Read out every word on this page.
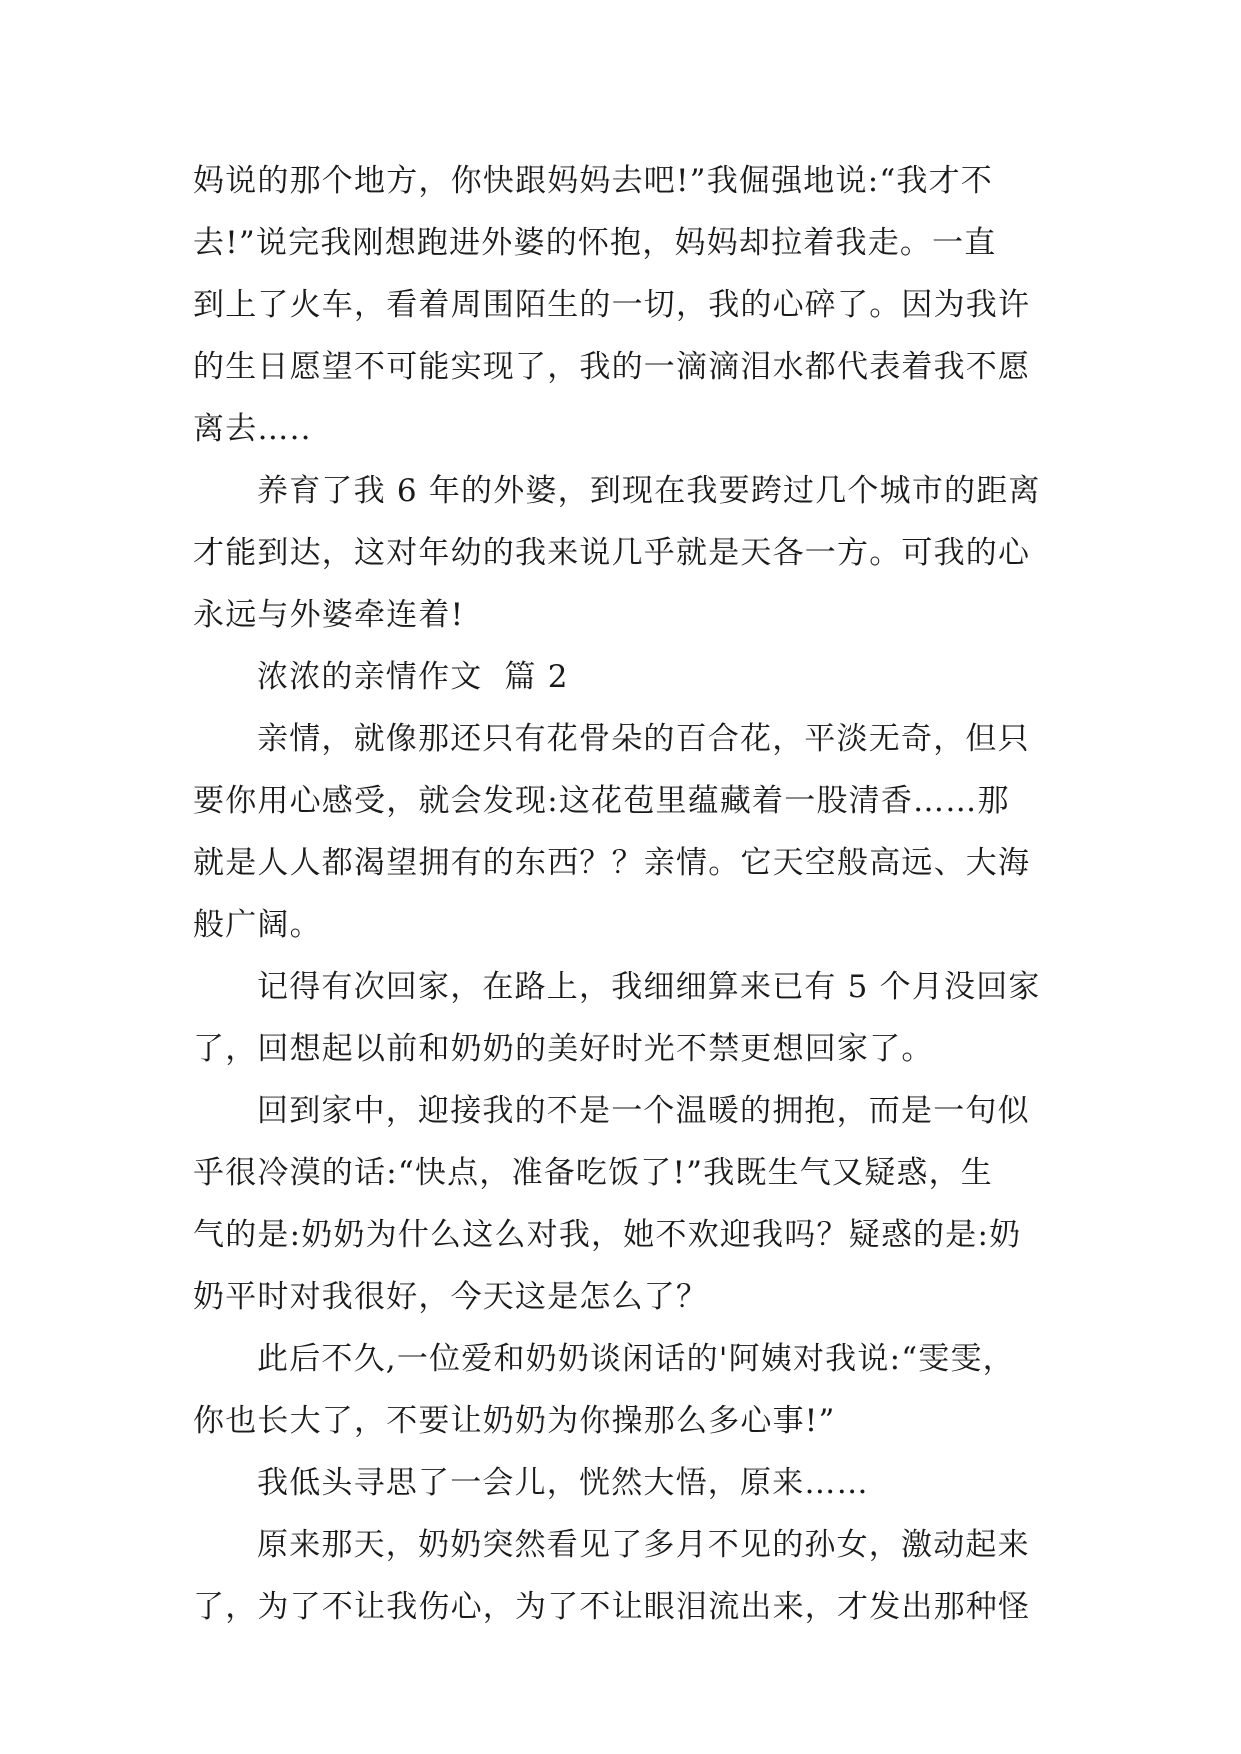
妈说的那个地方，你快跟妈妈去吧!”我倔强地说:“我才不
去!”说完我刚想跑进外婆的怀抱，妈妈却拉着我走。一直
到上了火车，看着周围陌生的一切，我的心碎了。因为我许
的生日愿望不可能实现了，我的一滴滴泪水都代表着我不愿
离去…..
养育了我 6 年的外婆，到现在我要跨过几个城市的距离
才能到达，这对年幼的我来说几乎就是天各一方。可我的心
永远与外婆牵连着!
浓浓的亲情作文  篇 2
亲情，就像那还只有花骨朵的百合花，平淡无奇，但只
要你用心感受，就会发现:这花苞里蕴藏着一股清香……那
就是人人都渴望拥有的东西？？亲情。它天空般高远、大海
般广阔。
记得有次回家，在路上，我细细算来已有 5 个月没回家
了，回想起以前和奶奶的美好时光不禁更想回家了。
回到家中，迎接我的不是一个温暖的拥抱，而是一句似
乎很冷漠的话:“快点，准备吃饭了!”我既生气又疑惑，生
气的是:奶奶为什么这么对我，她不欢迎我吗？疑惑的是:奶
奶平时对我很好，今天这是怎么了？
此后不久,一位爱和奶奶谈闲话的'阿姨对我说:“雯雯，
你也长大了，不要让奶奶为你操那么多心事!”
我低头寻思了一会儿，恍然大悟，原来……
原来那天，奶奶突然看见了多月不见的孙女，激动起来
了，为了不让我伤心，为了不让眼泪流出来，才发出那种怪
